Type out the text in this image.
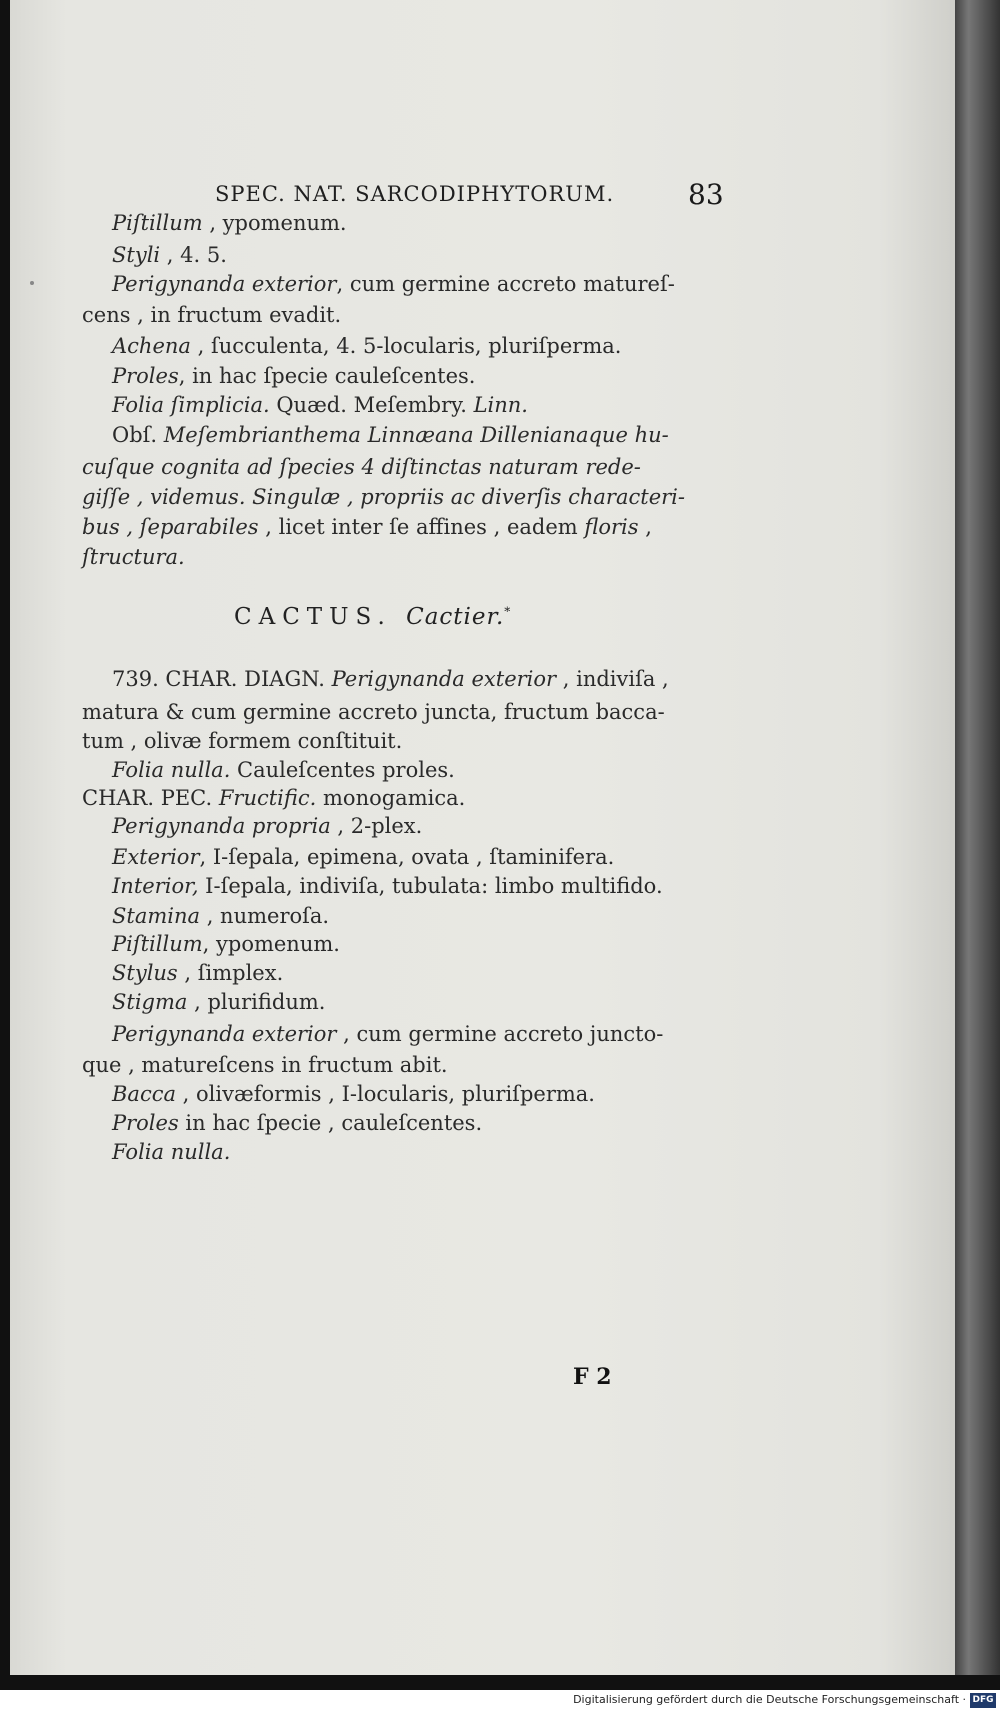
SPEC. NAT. SARCODIPHYTORUM.	83
Piſtillum , ypomenum.
Styli , 4. 5.
Perigynanda exterior, cum germine accreto matureſ-
cens , in fructum evadit.
Achena , ſucculenta, 4. 5-locularis, pluriſperma.
Proles, in hac ſpecie cauleſcentes.
Folia ſimplicia. Quæd. Meſembry. Linn.
Obſ. Meſembrianthema Linnæana Dillenianaque hu-
cuſque cognita ad ſpecies 4 diſtinctas naturam rede-
giſſe , videmus. Singulæ , propriis ac diverſis characteri-
bus , ſeparabiles , licet inter ſe affines , eadem floris ,
ſtructura.
CACTUS. Cactier.*
739. CHAR. DIAGN. Perigynanda exterior , indiviſa ,
matura & cum germine accreto juncta, fructum bacca-
tum , olivæ formem conſtituit.
Folia nulla. Cauleſcentes proles.
CHAR. PEC. Fructific. monogamica.
Perigynanda propria , 2-plex.
Exterior, I-ſepala, epimena, ovata , ſtaminifera.
Interior, I-ſepala, indiviſa, tubulata: limbo multifido.
Stamina , numeroſa.
Piſtillum, ypomenum.
Stylus , ſimplex.
Stigma , plurifidum.
Perigynanda exterior , cum germine accreto juncto-
que , matureſcens in fructum abit.
Bacca , olivæformis , I-locularis, pluriſperma.
Proles in hac ſpecie , cauleſcentes.
Folia nulla.
F 2
Digitalisierung gefördert durch die Deutsche Forschungsgemeinschaft · DFG
